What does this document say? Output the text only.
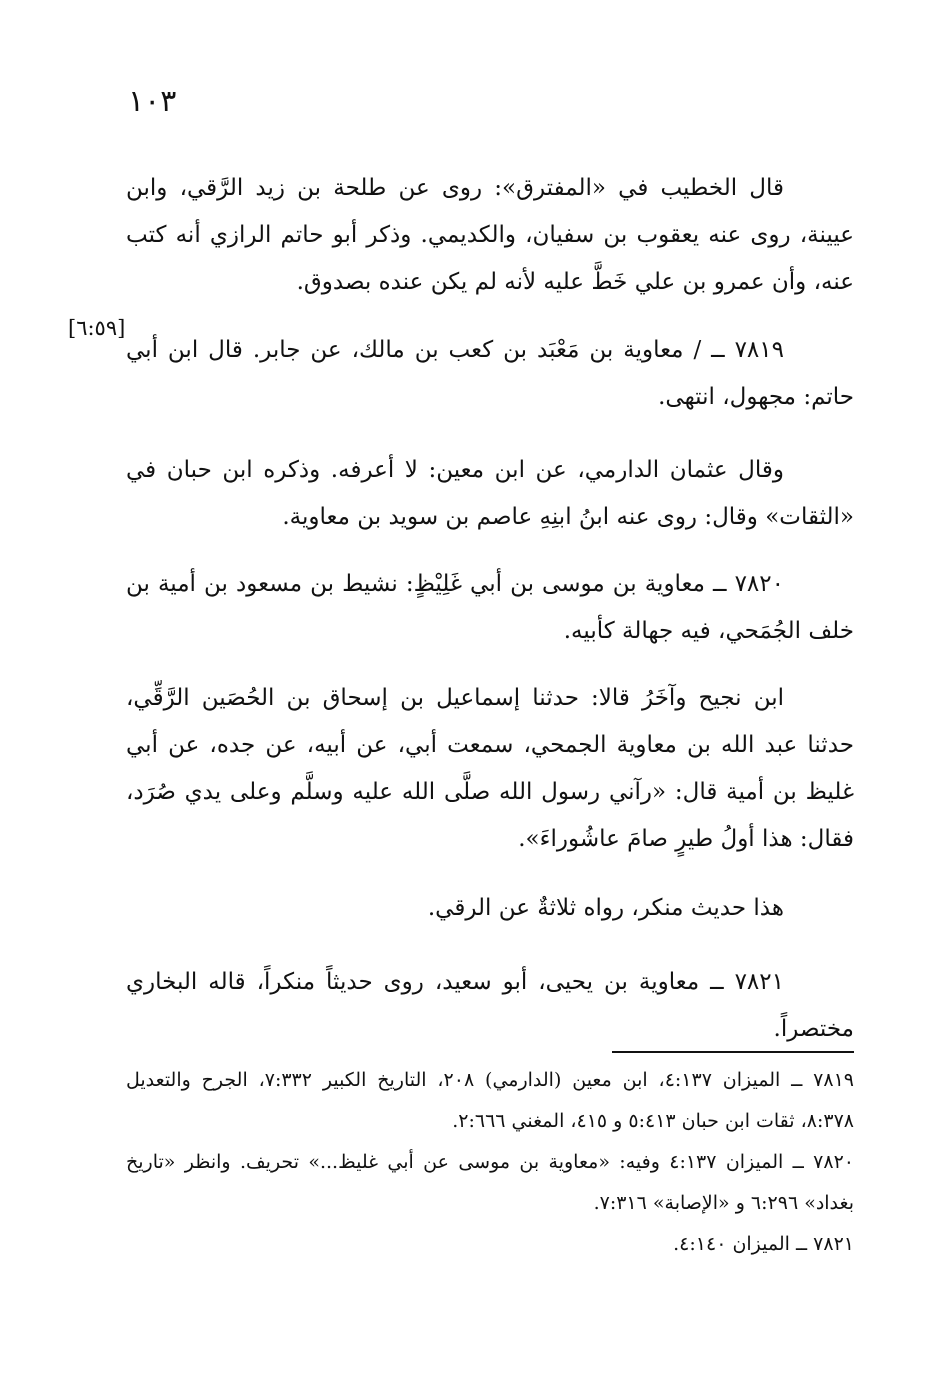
١٠٣
[٦:٥٩]

قال الخطيب في «المفترق»: روى عن طلحة بن زيد الرَّقي، وابن عيينة، روى عنه يعقوب بن سفيان، والكديمي. وذكر أبو حاتم الرازي أنه كتب عنه، وأن عمرو بن علي خَطَّ عليه لأنه لم يكن عنده بصدوق.

٧٨١٩ ــ / معاوية بن مَعْبَد بن كعب بن مالك، عن جابر. قال ابن أبي حاتم: مجهول، انتهى.

وقال عثمان الدارمي، عن ابن معين: لا أعرفه. وذكره ابن حبان في «الثقات» وقال: روى عنه ابنُ ابنِهِ عاصم بن سويد بن معاوية.

٧٨٢٠ ــ معاوية بن موسى بن أبي غَلِيْظٍ: نشيط بن مسعود بن أمية بن خلف الجُمَحي، فيه جهالة كأبيه.

ابن نجيح وآخَرُ قالا: حدثنا إسماعيل بن إسحاق بن الحُصَين الرَّقِّي، حدثنا عبد الله بن معاوية الجمحي، سمعت أبي، عن أبيه، عن جده، عن أبي غليظ بن أمية قال: «رآني رسول الله صلَّى الله عليه وسلَّم وعلى يدي صُرَد، فقال: هذا أولُ طيرٍ صامَ عاشُوراءَ».

هذا حديث منكر، رواه ثلاثةٌ عن الرقي.

٧٨٢١ ــ معاوية بن يحيى، أبو سعيد، روى حديثاً منكراً، قاله البخاري مختصراً.

٧٨١٩ ــ الميزان ٤:١٣٧، ابن معين (الدارمي) ٢٠٨، التاريخ الكبير ٧:٣٣٢، الجرح والتعديل ٨:٣٧٨، ثقات ابن حبان ٥:٤١٣ و ٤١٥، المغني ٢:٦٦٦.

٧٨٢٠ ــ الميزان ٤:١٣٧ وفيه: «معاوية بن موسى عن أبي غليظ...» تحريف. وانظر «تاريخ بغداد» ٦:٢٩٦ و «الإصابة» ٧:٣١٦.

٧٨٢١ ــ الميزان ٤:١٤٠.
